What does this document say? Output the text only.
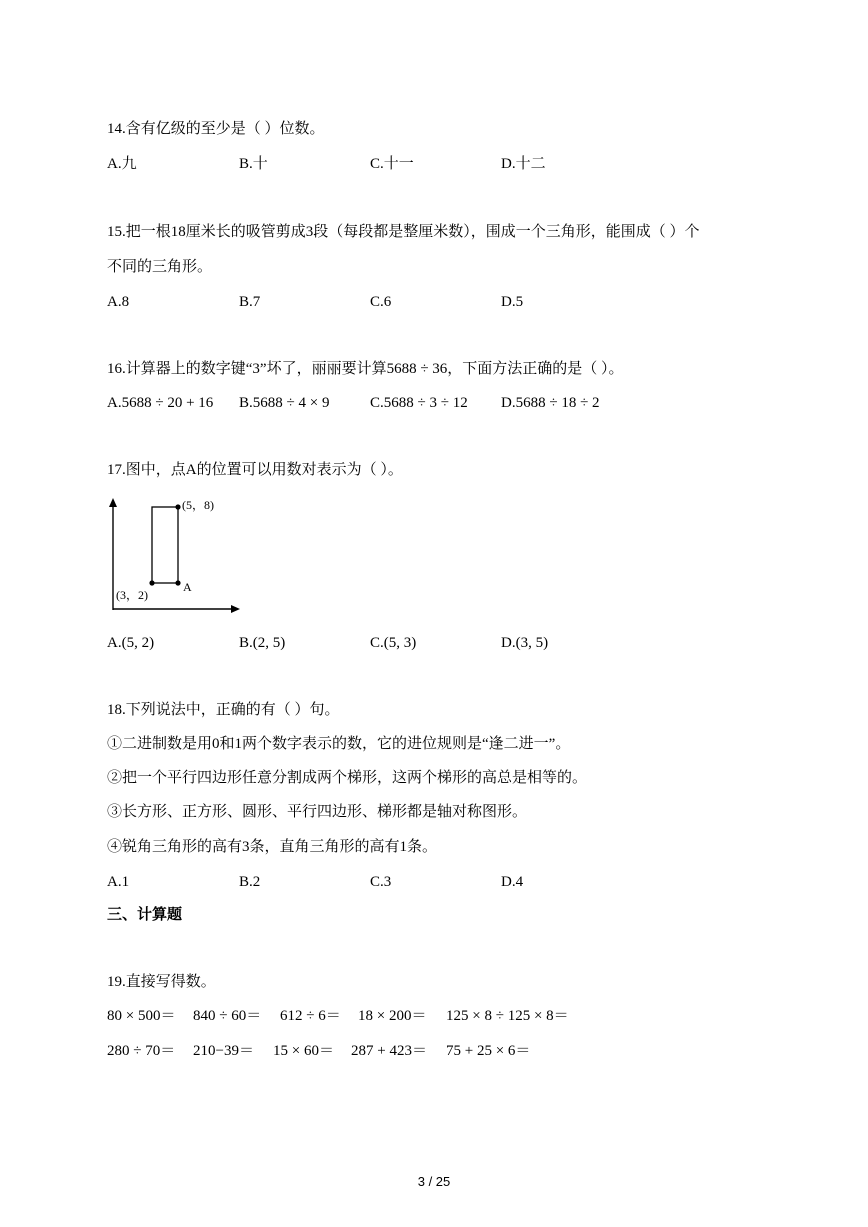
14.含有亿级的至少是（ ）位数。
A.九	B.十	C.十一	D.十二
15.把一根18厘米长的吸管剪成3段（每段都是整厘米数），围成一个三角形，能围成（ ）个
不同的三角形。
A.8	B.7	C.6	D.5
16.计算器上的数字键“3”坏了，丽丽要计算5688 ÷ 36，下面方法正确的是（ ）。
A.5688 ÷ 20 + 16 B.5688 ÷ 4 × 9	C.5688 ÷ 3 ÷ 12 D.5688 ÷ 18 ÷ 2
17.图中，点A的位置可以用数对表示为（ ）。
(5，8)
A
(3，2)
A.(5, 2)	B.(2, 5)	C.(5, 3)	D.(3, 5)
18.下列说法中，正确的有（ ）句。
①二进制数是用0和1两个数字表示的数，它的进位规则是“逢二进一”。
②把一个平行四边形任意分割成两个梯形，这两个梯形的高总是相等的。
③长方形、正方形、圆形、平行四边形、梯形都是轴对称图形。
④锐角三角形的高有3条，直角三角形的高有1条。
A.1	B.2	C.3	D.4
三、计算题
19.直接写得数。
80 × 500＝ 840 ÷ 60＝ 612 ÷ 6＝ 18 × 200＝ 125 × 8 ÷ 125 × 8＝
280 ÷ 70＝ 210−39＝ 15 × 60＝ 287 + 423＝ 75 + 25 × 6＝
3 / 25
